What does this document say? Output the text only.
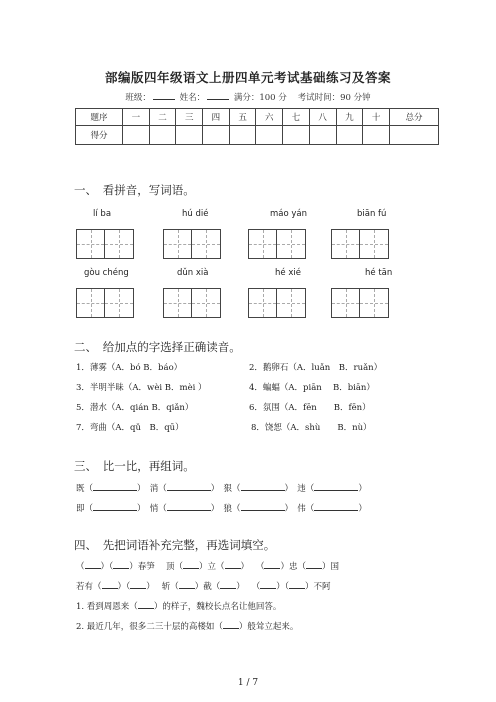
部编版四年级语文上册四单元考试基础练习及答案
班级：	姓名：	满分：100 分 考试时间：90 分钟
题序	一	二	三	四	五	六	七	八	九	十	总分
得分											
一、　看拼音，写词语。
lí ba	hú dié	máo yán	biān fú
gòu chéng	dǔn xià	hé xié	hé tān
二、　给加点的字选择正确读音。
1．薄雾（A．bó B．báo）	2．鹅卵石（A．luǎn　B．ruǎn）
3．半明半昧（A．wèi B．mèi ）	4．蝙蝠（A．piān　 B．biān）
5．潜水（A．qián B．qiǎn）	6．氛围（A．fēn　　B．fēn）
7．弯曲（A．qǔ　B．qū）	8．饶恕（A．shù　　B．nù）
三、　比一比，再组词。
既（	）　消（	）　狠（	）　违（	）
即（	）　悄（	）　狼（	）　伟（	）
四、　先把词语补充完整，再选词填空。
（ ）（ ）春笋　 顶（ ）立（ ）　 （ ）忠（ ）国
若有（ ）（ ）　 斩（ ）截（ ）　 （ ）（ ）不阿
1. 看到周恩来（ ）的样子，魏校长点名让他回答。
2. 最近几年，很多二三十层的高楼如（ ）般耸立起来。
1 / 7
